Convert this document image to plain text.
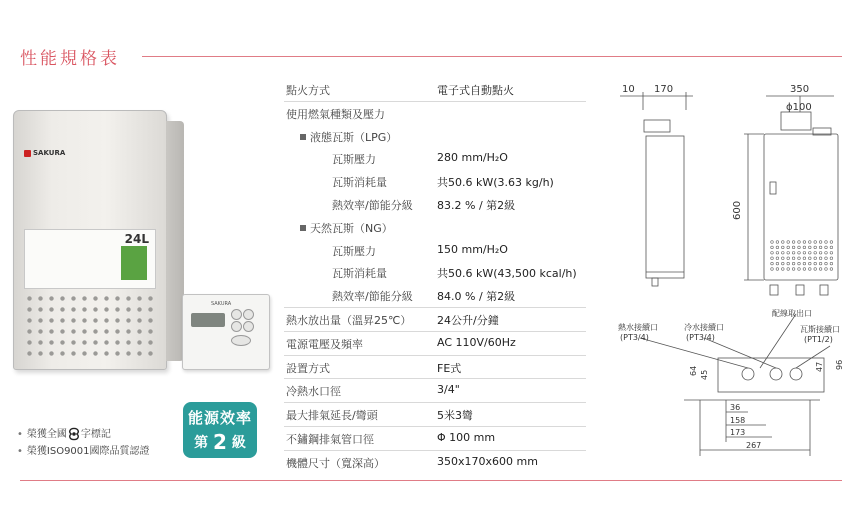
性能規格表
SAKURA
24L
SAKURA
• 榮獲全國 字標記
• 榮獲ISO9001國際品質認證
能源效率
第 2 級
點火方式	電子式自動點火
使用燃氣種類及壓力
液態瓦斯（LPG）
瓦斯壓力	280 mm/H₂O
瓦斯消耗量	共50.6 kW(3.63 kg/h)
熱效率/節能分級 83.2 % / 第2級
天然瓦斯（NG）
瓦斯壓力	150 mm/H₂O
瓦斯消耗量	共50.6 kW(43,500 kcal/h)
熱效率/節能分級 84.0 % / 第2級
熱水放出量（溫昇25℃） 24公升/分鐘
電源電壓及頻率	AC 110V/60Hz
設置方式	FE式
冷熱水口徑	3/4"
最大排氣延長/彎頭	5米3彎
不鏽鋼排氣管口徑	Φ 100 mm
機體尺寸（寬深高）	350x170x600 mm
10 170	350
ϕ100
600
熱水接續口
(PT3/4)
冷水接續口
(PT3/4)
配線取出口
瓦斯接續口
(PT1/2)
64 45
47 96
36
158
173
267
